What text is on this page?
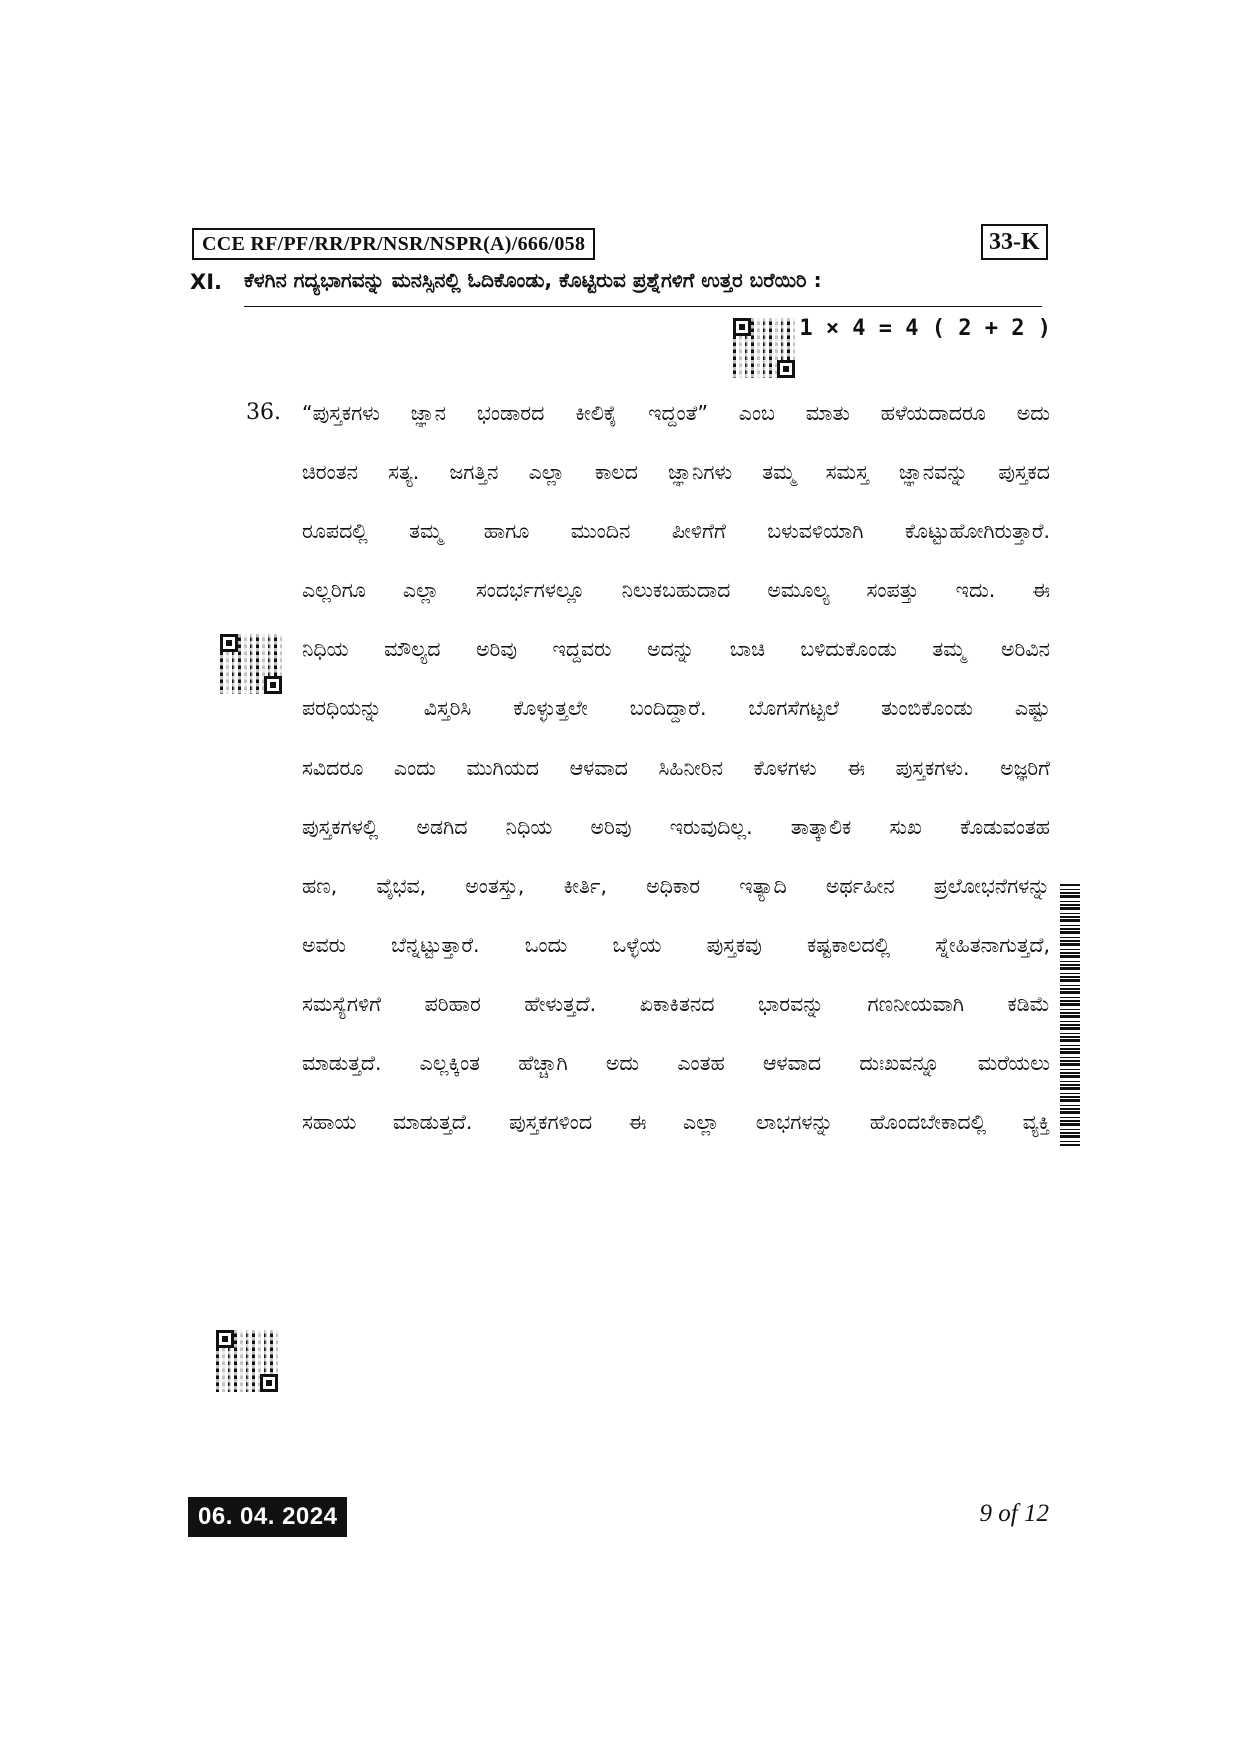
CCE RF/PF/RR/PR/NSR/NSPR(A)/666/058	33-K
XI. ಕೆಳಗಿನ ಗದ್ಯಭಾಗವನ್ನು ಮನಸ್ಸಿನಲ್ಲಿ ಓದಿಕೊಂಡು, ಕೊಟ್ಟಿರುವ ಪ್ರಶ್ನೆಗಳಿಗೆ ಉತ್ತರ ಬರೆಯಿರಿ :
1 × 4 = 4 ( 2 + 2 )
36. “ಪುಸ್ತಕಗಳು ಜ್ಞಾನ ಭಂಡಾರದ ಕೀಲಿಕೈ ಇದ್ದಂತೆ” ಎಂಬ ಮಾತು ಹಳೆಯದಾದರೂ ಅದು
ಚಿರಂತನ ಸತ್ಯ. ಜಗತ್ತಿನ ಎಲ್ಲಾ ಕಾಲದ ಜ್ಞಾನಿಗಳು ತಮ್ಮ ಸಮಸ್ತ ಜ್ಞಾನವನ್ನು ಪುಸ್ತಕದ
ರೂಪದಲ್ಲಿ ತಮ್ಮ ಹಾಗೂ ಮುಂದಿನ ಪೀಳಿಗೆಗೆ ಬಳುವಳಿಯಾಗಿ ಕೊಟ್ಟುಹೋಗಿರುತ್ತಾರೆ.
ಎಲ್ಲರಿಗೂ ಎಲ್ಲಾ ಸಂದರ್ಭಗಳಲ್ಲೂ ನಿಲುಕಬಹುದಾದ ಅಮೂಲ್ಯ ಸಂಪತ್ತು ಇದು. ಈ
ನಿಧಿಯ ಮೌಲ್ಯದ ಅರಿವು ಇದ್ದವರು ಅದನ್ನು ಬಾಚಿ ಬಳಿದುಕೊಂಡು ತಮ್ಮ ಅರಿವಿನ
ಪರಧಿಯನ್ನು ವಿಸ್ತರಿಸಿ ಕೊಳ್ಳುತ್ತಲೇ ಬಂದಿದ್ದಾರೆ. ಬೊಗಸೆಗಟ್ಟಲೆ ತುಂಬಿಕೊಂಡು ಎಷ್ಟು
ಸವಿದರೂ ಎಂದು ಮುಗಿಯದ ಆಳವಾದ ಸಿಹಿನೀರಿನ ಕೊಳಗಳು ಈ ಪುಸ್ತಕಗಳು. ಅಜ್ಞರಿಗೆ
ಪುಸ್ತಕಗಳಲ್ಲಿ ಅಡಗಿದ ನಿಧಿಯ ಅರಿವು ಇರುವುದಿಲ್ಲ. ತಾತ್ಕಾಲಿಕ ಸುಖ ಕೊಡುವಂತಹ
ಹಣ, ವೈಭವ, ಅಂತಸ್ತು, ಕೀರ್ತಿ, ಅಧಿಕಾರ ಇತ್ಯಾದಿ ಅರ್ಥಹೀನ ಪ್ರಲೋಭನೆಗಳನ್ನು
ಅವರು ಬೆನ್ನಟ್ಟುತ್ತಾರೆ. ಒಂದು ಒಳ್ಳೆಯ ಪುಸ್ತಕವು ಕಷ್ಟಕಾಲದಲ್ಲಿ ಸ್ನೇಹಿತನಾಗುತ್ತದೆ,
ಸಮಸ್ಯೆಗಳಿಗೆ ಪರಿಹಾರ ಹೇಳುತ್ತದೆ. ಏಕಾಕಿತನದ ಭಾರವನ್ನು ಗಣನೀಯವಾಗಿ ಕಡಿಮೆ
ಮಾಡುತ್ತದೆ. ಎಲ್ಲಕ್ಕಿಂತ ಹೆಚ್ಚಾಗಿ ಅದು ಎಂತಹ ಆಳವಾದ ದುಃಖವನ್ನೂ ಮರೆಯಲು
ಸಹಾಯ ಮಾಡುತ್ತದೆ. ಪುಸ್ತಕಗಳಿಂದ ಈ ಎಲ್ಲಾ ಲಾಭಗಳನ್ನು ಹೊಂದಬೇಕಾದಲ್ಲಿ ವ್ಯಕ್ತಿ
06. 04. 2024	9 of 12
